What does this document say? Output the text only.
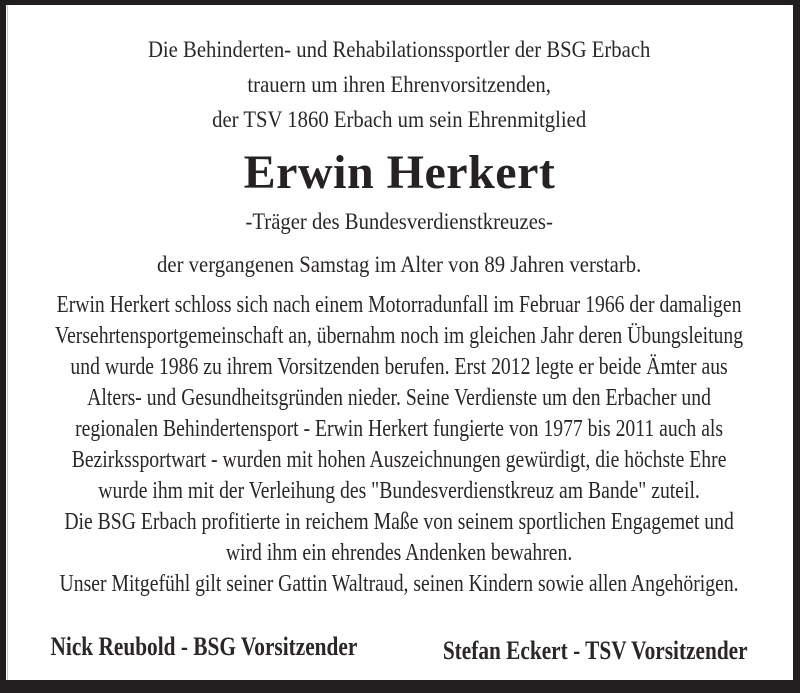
Die Behinderten- und Rehabilationssportler der BSG Erbach
trauern um ihren Ehrenvorsitzenden,
der TSV 1860 Erbach um sein Ehrenmitglied
Erwin Herkert
-Träger des Bundesverdienstkreuzes-
der vergangenen Samstag im Alter von 89 Jahren verstarb.
Erwin Herkert schloss sich nach einem Motorradunfall im Februar 1966 der damaligen
Versehrtensportgemeinschaft an, übernahm noch im gleichen Jahr deren Übungsleitung
und wurde 1986 zu ihrem Vorsitzenden berufen. Erst 2012 legte er beide Ämter aus
Alters- und Gesundheitsgründen nieder. Seine Verdienste um den Erbacher und
regionalen Behindertensport - Erwin Herkert fungierte von 1977 bis 2011 auch als
Bezirkssportwart - wurden mit hohen Auszeichnungen gewürdigt, die höchste Ehre
wurde ihm mit der Verleihung des "Bundesverdienstkreuz am Bande" zuteil.
Die BSG Erbach profitierte in reichem Maße von seinem sportlichen Engagemet und
wird ihm ein ehrendes Andenken bewahren.
Unser Mitgefühl gilt seiner Gattin Waltraud, seinen Kindern sowie allen Angehörigen.
Nick Reubold - BSG Vorsitzender	Stefan Eckert - TSV Vorsitzender
